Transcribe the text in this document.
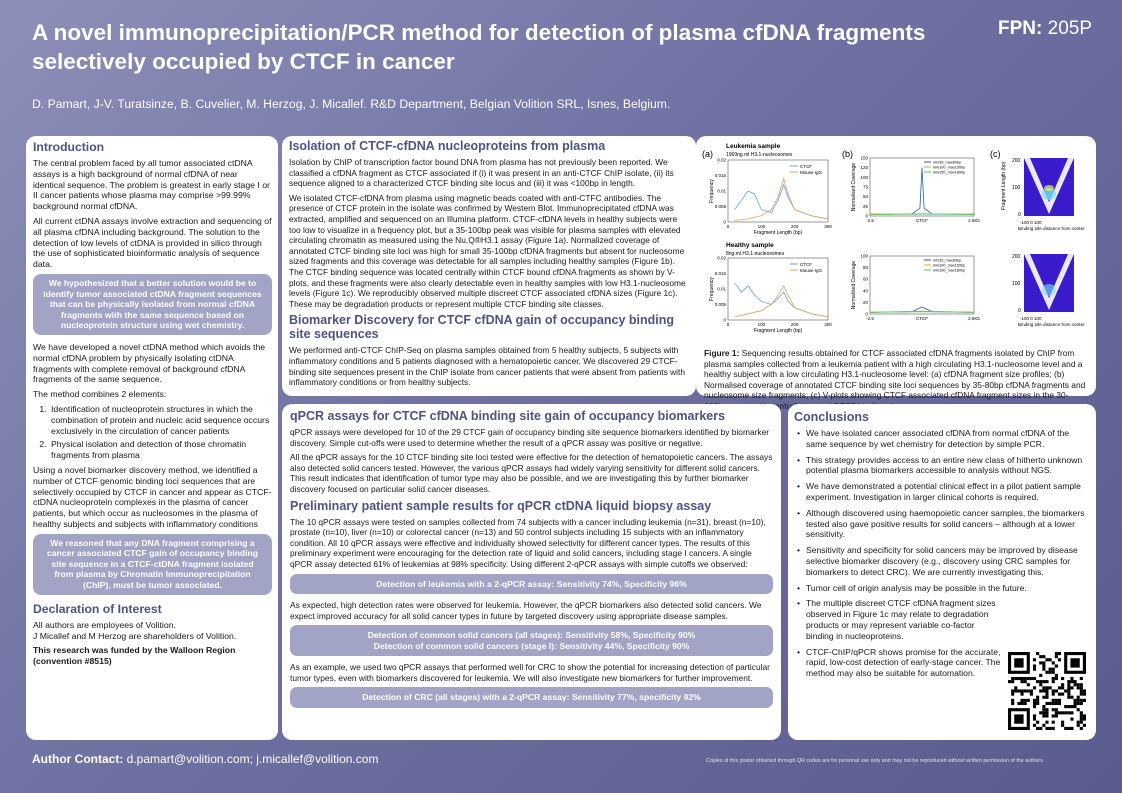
A novel immunoprecipitation/PCR method for detection of plasma cfDNA fragments selectively occupied by CTCF in cancer
FPN: 205P
D. Pamart, J-V. Turatsinze, B. Cuvelier, M. Herzog, J. Micallef. R&D Department, Belgian Volition SRL, Isnes, Belgium.
Introduction

The central problem faced by all tumor associated ctDNA assays is a high background of normal cfDNA of near identical sequence. The problem is greatest in early stage I or II cancer patients whose plasma may comprise >99.99% background normal cfDNA.

All current ctDNA assays involve extraction and sequencing of all plasma cfDNA including background. The solution to the detection of low levels of ctDNA is provided in silico through the use of sophisticated bioinformatic analysis of sequence data.

We hypothesized that a better solution would be to identify tumor associated ctDNA fragment sequences that can be physically isolated from normal cfDNA fragments with the same sequence based on nucleoprotein structure using wet chemistry.

We have developed a novel ctDNA method which avoids the normal cfDNA problem by physically isolating ctDNA fragments with complete removal of background cfDNA fragments of the same sequence.

The method combines 2 elements:

1. Identification of nucleoprotein structures in which the combination of protein and nucleic acid sequence occurs exclusively in the circulation of cancer patients
2. Physical isolation and detection of those chromatin fragments from plasma

Using a novel biomarker discovery method, we identified a number of CTCF genomic binding loci sequences that are selectively occupied by CTCF in cancer and appear as CTCF-ctDNA nucleoprotein complexes in the plasma of cancer patients, but which occur as nucleosomes in the plasma of healthy subjects and subjects with inflammatory conditions

We reasoned that any DNA fragment comprising a cancer associated CTCF gain of occupancy binding site sequence in a CTCF-ctDNA fragment isolated from plasma by Chromatin Immunoprecipitation (ChIP), must be tumor associated.
Declaration of Interest

All authors are employees of Volition.

J Micallef and M Herzog are shareholders of Volition.

This research was funded by the Walloon Region (convention #8515)

Isolation of CTCF-cfDNA nucleoproteins from plasma

Isolation by ChIP of transcription factor bound DNA from plasma has not previously been reported. We classified a cfDNA fragment as CTCF associated if (i) it was present in an anti-CTCF ChIP isolate, (ii) its sequence aligned to a characterized CTCF binding site locus and (iii) it was <100bp in length.

We isolated CTCF-cfDNA from plasma using magnetic beads coated with anti-CTFC antibodies. The presence of CTCF protein in the isolate was confirmed by Western Blot. Immunoprecipitated cfDNA was extracted, amplified and sequenced on an Illumina platform. CTCF-cfDNA levels in healthy subjects were too low to visualize in a frequency plot, but a 35-100bp peak was visible for plasma samples with elevated circulating chromatin as measured using the Nu.Q®H3.1 assay (Figure 1a). Normalized coverage of annotated CTCF binding site loci was high for small 35-100bp cfDNA fragments but absent for nucleosome sized fragments and this coverage was detectable for all samples including healthy samples (Figure 1b). The CTCF binding sequence was located centrally within CTCF bound cfDNA fragments as shown by V-plots, and these fragments were also clearly detectable even in healthy samples with low H3.1-nucleosome levels (Figure 1c). We reproducibly observed multiple discreet CTCF associated cfDNA sizes (Figure 1c). These may be degradation products or represent multiple CTCF binding site classes.

Biomarker Discovery for CTCF cfDNA gain of occupancy binding site sequences

We performed anti-CTCF ChIP-Seq on plasma samples obtained from 5 healthy subjects, 5 subjects with inflammatory conditions and 5 patients diagnosed with a hematopoietic cancer. We discovered 29 CTCF-binding site sequences present in the ChIP isolate from cancer patients that were absent from patients with inflammatory conditions or from healthy subjects.

(a)	(b)	(c)
Leukemia sample
1969ng.ml H3.1-nucleosomes
0
0.005
0.01
0.015
0.02
0	100	200	300
Fragment Length (bp)
Frequency
CTCF
Mouse IgG
Healthy sample
8ng.ml H3.1-nucleosomes
0
0.005
0.01
0.015
0.02
0	100	200	300
Fragment Length (bp)
Frequency
CTCF
Mouse IgG
0
25
50
75
100
125
150
Normalised Coverage
-2.5	CTCF	2.5Kb
min35_max80bp
min100_max150bp
min150_max180bp
0
20
40
60
80
100
Normalised Coverage
-2.5	CTCF	2.5Kb
min35_max80bp
min100_max150bp
min150_max180bp
200
100
0
Fragment Length (bp)
-100 0 100
Binding site distance from center
200
100
0
-100 0 100
Binding site distance from center

Figure 1: Sequencing results obtained for CTCF associated cfDNA fragments isolated by ChIP from plasma samples collected from a leukemia patient with a high circulating H3.1-nucleosome level and a healthy subject with a low circulating H3.1-nucleosome level: (a) cfDNA fragment size profiles; (b) Normalised coverage of annotated CTCF binding site loci sequences by 35-80bp cfDNA fragments and nucleosome size fragments; (c) V-plots showing CTCF associated cfDNA fragment sizes in the 30- centrally

qPCR assays for CTCF cfDNA binding site gain of occupancy biomarkers

qPCR assays were developed for 10 of the 29 CTCF gain of occupancy binding site sequence biomarkers identified by biomarker discovery. Simple cut-offs were used to determine whether the result of a qPCR assay was positive or negative.

All the qPCR assays for the 10 CTCF binding site loci tested were effective for the detection of hematopoietic cancers. The assays also detected solid cancers tested. However, the various qPCR assays had widely varying sensitivity for different solid cancers. This result indicates that identification of tumor type may also be possible, and we are investigating this by further biomarker discovery focused on particular solid cancer diseases.

Preliminary patient sample results for qPCR ctDNA liquid biopsy assay

The 10 qPCR assays were tested on samples collected from 74 subjects with a cancer including leukemia (n=31), breast (n=10), prostate (n=10), liver (n=10) or colorectal cancer (n=13) and 50 control subjects including 15 subjects with an inflammatory condition. All 10 qPCR assays were effective and individually showed selectivity for different cancer types. The results of this preliminary experiment were encouraging for the detection rate of liquid and solid cancers, including stage I cancers. A single qPCR assay detected 61% of leukemias at 98% specificity. Using different 2-qPCR assays with simple cutoffs we observed:

Detection of leukemia with a 2-qPCR assay: Sensitivity 74%, Specificity 96%

As expected, high detection rates were observed for leukemia. However, the qPCR biomarkers also detected solid cancers. We expect improved accuracy for all solid cancer types in future by targeted discovery using appropriate disease samples.

Detection of common solid cancers (all stages): Sensitivity 58%, Specificity 90%
Detection of common solid cancers (stage I): Sensitivity 44%, Specificity 90%

As an example, we used two qPCR assays that performed well for CRC to show the potential for increasing detection of particular tumor types, even with biomarkers discovered for leukemia. We will also investigate new biomarkers for further improvement.

Detection of CRC (all stages) with a 2-qPCR assay: Sensitivity 77%, specificity 92%
Conclusions
• We have isolated cancer associated cfDNA from normal cfDNA of the same sequence by wet chemistry for detection by simple PCR.
• This strategy provides access to an entire new class of hitherto unknown potential plasma biomarkers accessible to analysis without NGS.
• We have demonstrated a potential clinical effect in a pilot patient sample experiment. Investigation in larger clinical cohorts is required.
• Although discovered using haemopoietic cancer samples, the biomarkers tested also gave positive results for solid cancers – although at a lower sensitivity.
• Sensitivity and specificity for solid cancers may be improved by disease selective biomarker discovery (e.g., discovery using CRC samples for biomarkers to detect CRC). We are currently investigating this.
• Tumor cell of origin analysis may be possible in the future.
• The multiple discreet CTCF cfDNA fragment sizes observed in Figure 1c may relate to degradation products or may represent variable co-factor binding in nucleoproteins.
• CTCF-ChIP/qPCR shows promise for the accurate, rapid, low-cost detection of early-stage cancer. The method may also be suitable for automation.
Author Contact: d.pamart@volition.com; j.micallef@volition.com	Copies of this poster obtained through QR codes are for personal use only and may not be reproduced without written permission of the authors
